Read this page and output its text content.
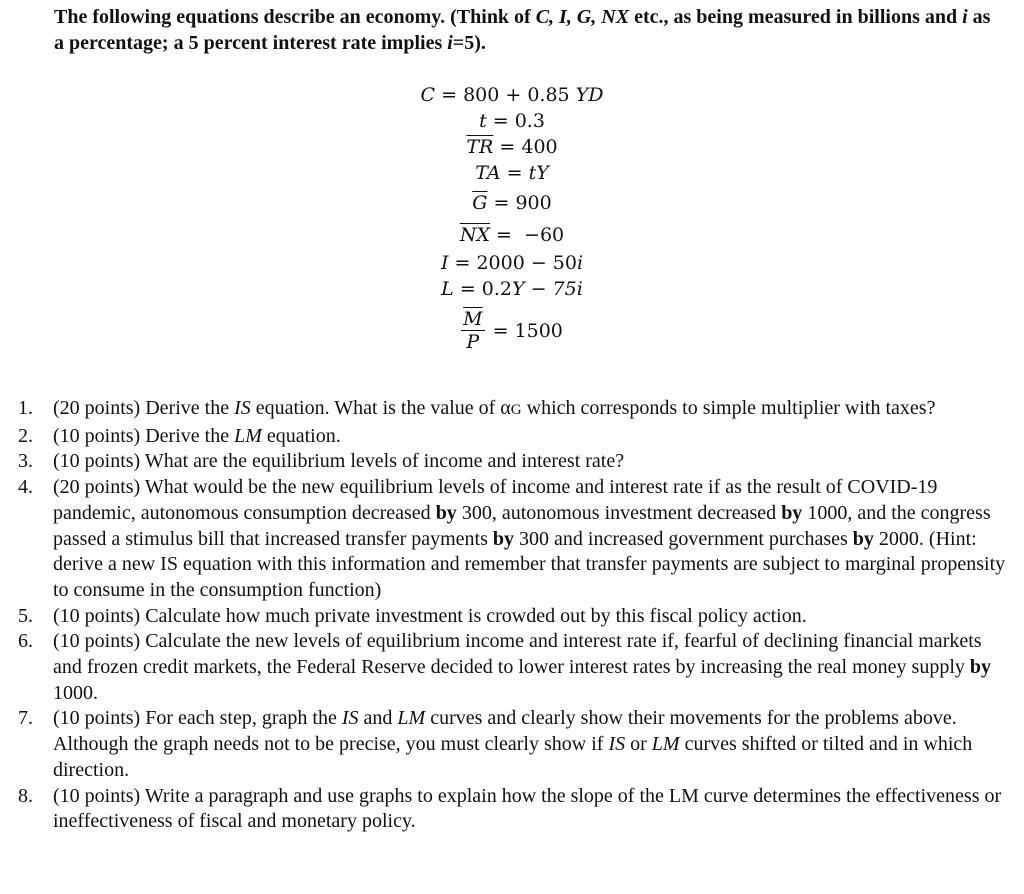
The following equations describe an economy. (Think of C, I, G, NX etc., as being measured in billions and i as a percentage; a 5 percent interest rate implies i=5).
C = 800 + 0.85 YD
t = 0.3
$\overline{TR} = 400$
TA = tY
$\overline{G} = 900$
$\overline{NX} = -60$
I = 2000 − 50i
L = 0.2Y − 75i
$\frac{\overline{M}}{P} = 1500$
1. (20 points) Derive the IS equation. What is the value of αG which corresponds to simple multiplier with taxes?
2. (10 points) Derive the LM equation.
3. (10 points) What are the equilibrium levels of income and interest rate?
4. (20 points) What would be the new equilibrium levels of income and interest rate if as the result of COVID-19 pandemic, autonomous consumption decreased by 300, autonomous investment decreased by 1000, and the congress passed a stimulus bill that increased transfer payments by 300 and increased government purchases by 2000. (Hint: derive a new IS equation with this information and remember that transfer payments are subject to marginal propensity to consume in the consumption function)
5. (10 points) Calculate how much private investment is crowded out by this fiscal policy action.
6. (10 points) Calculate the new levels of equilibrium income and interest rate if, fearful of declining financial markets and frozen credit markets, the Federal Reserve decided to lower interest rates by increasing the real money supply by 1000.
7. (10 points) For each step, graph the IS and LM curves and clearly show their movements for the problems above. Although the graph needs not to be precise, you must clearly show if IS or LM curves shifted or tilted and in which direction.
8. (10 points) Write a paragraph and use graphs to explain how the slope of the LM curve determines the effectiveness or ineffectiveness of fiscal and monetary policy.
